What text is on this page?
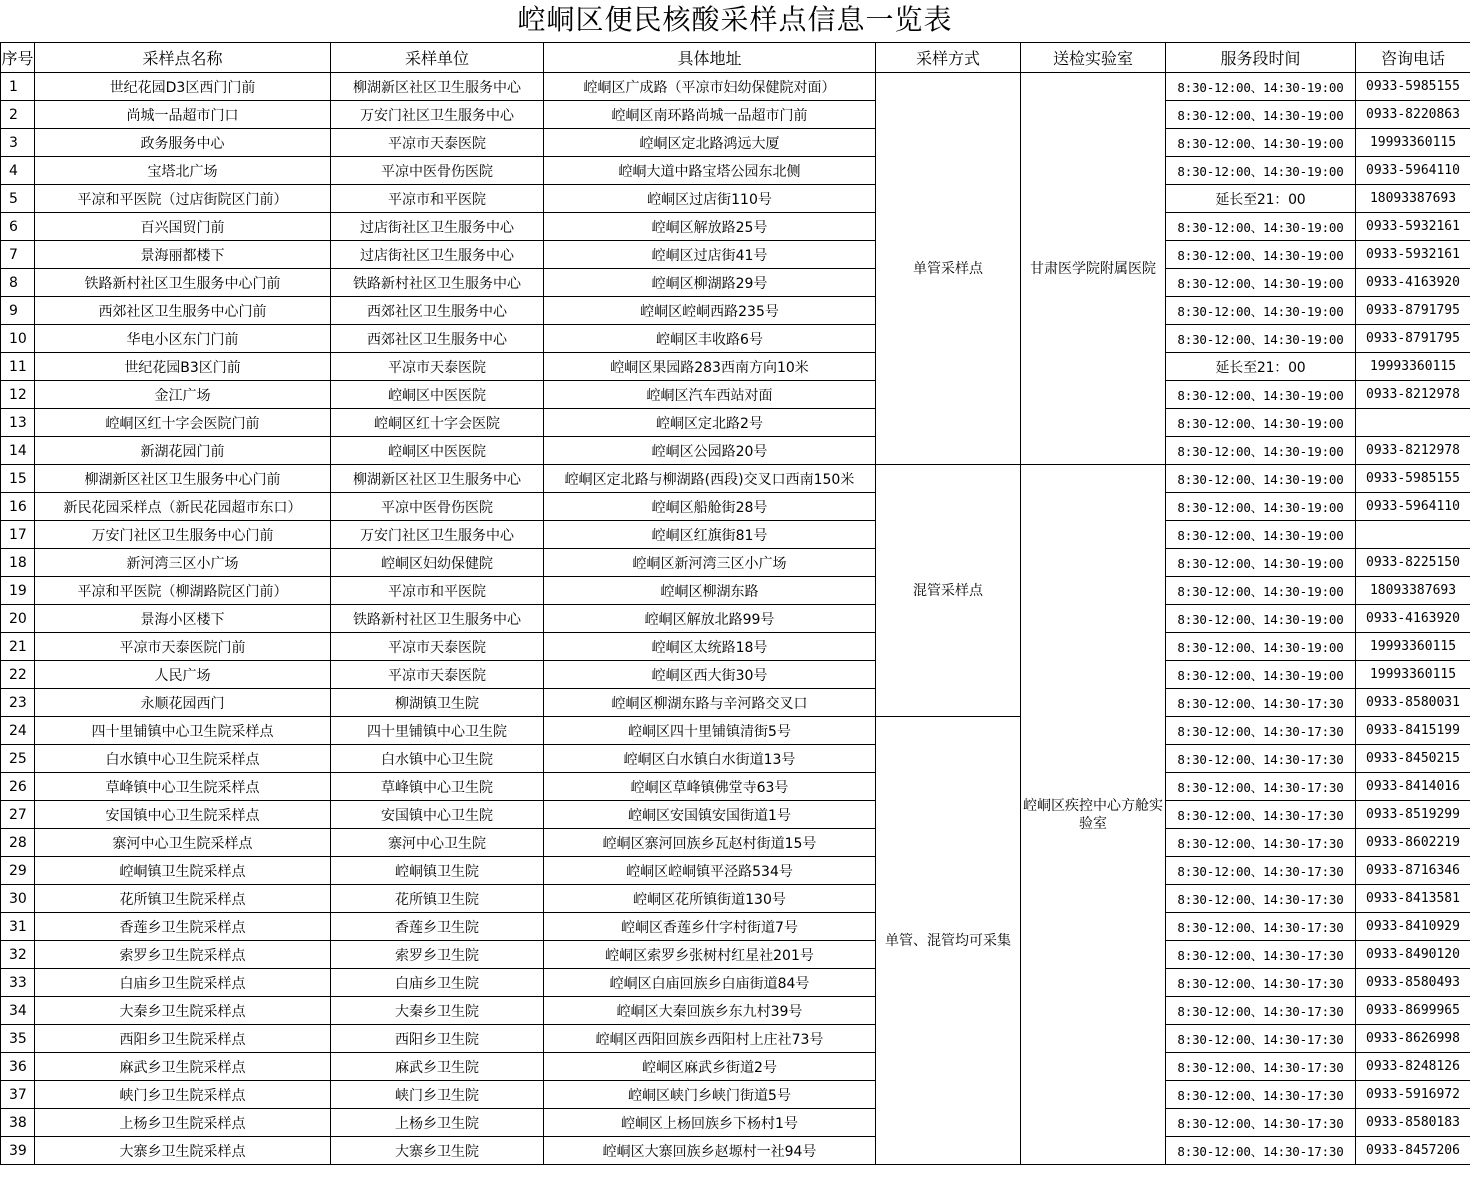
崆峒区便民核酸采样点信息一览表
序号	采样点名称	采样单位	具体地址	采样方式	送检实验室	服务段时间	咨询电话
1	世纪花园D3区西门门前	柳湖新区社区卫生服务中心	崆峒区广成路（平凉市妇幼保健院对面）	单管采样点	甘肃医学院附属医院	8:30-12:00、14:30-19:00	0933-5985155
2	尚城一品超市门口	万安门社区卫生服务中心	崆峒区南环路尚城一品超市门前			8:30-12:00、14:30-19:00	0933-8220863
3	政务服务中心	平凉市天泰医院	崆峒区定北路鸿远大厦			8:30-12:00、14:30-19:00	19993360115
4	宝塔北广场	平凉中医骨伤医院	崆峒大道中路宝塔公园东北侧			8:30-12:00、14:30-19:00	0933-5964110
5	平凉和平医院（过店街院区门前）	平凉市和平医院	崆峒区过店街110号			延长至21：00	18093387693
6	百兴国贸门前	过店街社区卫生服务中心	崆峒区解放路25号			8:30-12:00、14:30-19:00	0933-5932161
7	景海丽都楼下	过店街社区卫生服务中心	崆峒区过店街41号			8:30-12:00、14:30-19:00	0933-5932161
8	铁路新村社区卫生服务中心门前	铁路新村社区卫生服务中心	崆峒区柳湖路29号			8:30-12:00、14:30-19:00	0933-4163920
9	西郊社区卫生服务中心门前	西郊社区卫生服务中心	崆峒区崆峒西路235号			8:30-12:00、14:30-19:00	0933-8791795
10	华电小区东门门前	西郊社区卫生服务中心	崆峒区丰收路6号			8:30-12:00、14:30-19:00	0933-8791795
11	世纪花园B3区门前	平凉市天泰医院	崆峒区果园路283西南方向10米			延长至21：00	19993360115
12	金江广场	崆峒区中医医院	崆峒区汽车西站对面			8:30-12:00、14:30-19:00	0933-8212978
13	崆峒区红十字会医院门前	崆峒区红十字会医院	崆峒区定北路2号			8:30-12:00、14:30-19:00	
14	新湖花园门前	崆峒区中医医院	崆峒区公园路20号			8:30-12:00、14:30-19:00	0933-8212978
15	柳湖新区社区卫生服务中心门前	柳湖新区社区卫生服务中心	崆峒区定北路与柳湖路(西段)交叉口西南150米	混管采样点	崆峒区疾控中心方舱实验室	8:30-12:00、14:30-19:00	0933-5985155
16	新民花园采样点（新民花园超市东口）	平凉中医骨伤医院	崆峒区船舱街28号			8:30-12:00、14:30-19:00	0933-5964110
17	万安门社区卫生服务中心门前	万安门社区卫生服务中心	崆峒区红旗街81号			8:30-12:00、14:30-19:00	
18	新河湾三区小广场	崆峒区妇幼保健院	崆峒区新河湾三区小广场			8:30-12:00、14:30-19:00	0933-8225150
19	平凉和平医院（柳湖路院区门前）	平凉市和平医院	崆峒区柳湖东路			8:30-12:00、14:30-19:00	18093387693
20	景海小区楼下	铁路新村社区卫生服务中心	崆峒区解放北路99号			8:30-12:00、14:30-19:00	0933-4163920
21	平凉市天泰医院门前	平凉市天泰医院	崆峒区太统路18号			8:30-12:00、14:30-19:00	19993360115
22	人民广场	平凉市天泰医院	崆峒区西大街30号			8:30-12:00、14:30-19:00	19993360115
23	永顺花园西门	柳湖镇卫生院	崆峒区柳湖东路与辛河路交叉口			8:30-12:00、14:30-17:30	0933-8580031
24	四十里铺镇中心卫生院采样点	四十里铺镇中心卫生院	崆峒区四十里铺镇清街5号	单管、混管均可采集		8:30-12:00、14:30-17:30	0933-8415199
25	白水镇中心卫生院采样点	白水镇中心卫生院	崆峒区白水镇白水街道13号			8:30-12:00、14:30-17:30	0933-8450215
26	草峰镇中心卫生院采样点	草峰镇中心卫生院	崆峒区草峰镇佛堂寺63号			8:30-12:00、14:30-17:30	0933-8414016
27	安国镇中心卫生院采样点	安国镇中心卫生院	崆峒区安国镇安国街道1号			8:30-12:00、14:30-17:30	0933-8519299
28	寨河中心卫生院采样点	寨河中心卫生院	崆峒区寨河回族乡瓦赵村街道15号			8:30-12:00、14:30-17:30	0933-8602219
29	崆峒镇卫生院采样点	崆峒镇卫生院	崆峒区崆峒镇平泾路534号			8:30-12:00、14:30-17:30	0933-8716346
30	花所镇卫生院采样点	花所镇卫生院	崆峒区花所镇街道130号			8:30-12:00、14:30-17:30	0933-8413581
31	香莲乡卫生院采样点	香莲乡卫生院	崆峒区香莲乡什字村街道7号			8:30-12:00、14:30-17:30	0933-8410929
32	索罗乡卫生院采样点	索罗乡卫生院	崆峒区索罗乡张树村红星社201号			8:30-12:00、14:30-17:30	0933-8490120
33	白庙乡卫生院采样点	白庙乡卫生院	崆峒区白庙回族乡白庙街道84号			8:30-12:00、14:30-17:30	0933-8580493
34	大秦乡卫生院采样点	大秦乡卫生院	崆峒区大秦回族乡东九村39号			8:30-12:00、14:30-17:30	0933-8699965
35	西阳乡卫生院采样点	西阳乡卫生院	崆峒区西阳回族乡西阳村上庄社73号			8:30-12:00、14:30-17:30	0933-8626998
36	麻武乡卫生院采样点	麻武乡卫生院	崆峒区麻武乡街道2号			8:30-12:00、14:30-17:30	0933-8248126
37	峡门乡卫生院采样点	峡门乡卫生院	崆峒区峡门乡峡门街道5号			8:30-12:00、14:30-17:30	0933-5916972
38	上杨乡卫生院采样点	上杨乡卫生院	崆峒区上杨回族乡下杨村1号			8:30-12:00、14:30-17:30	0933-8580183
39	大寨乡卫生院采样点	大寨乡卫生院	崆峒区大寨回族乡赵塬村一社94号			8:30-12:00、14:30-17:30	0933-8457206
